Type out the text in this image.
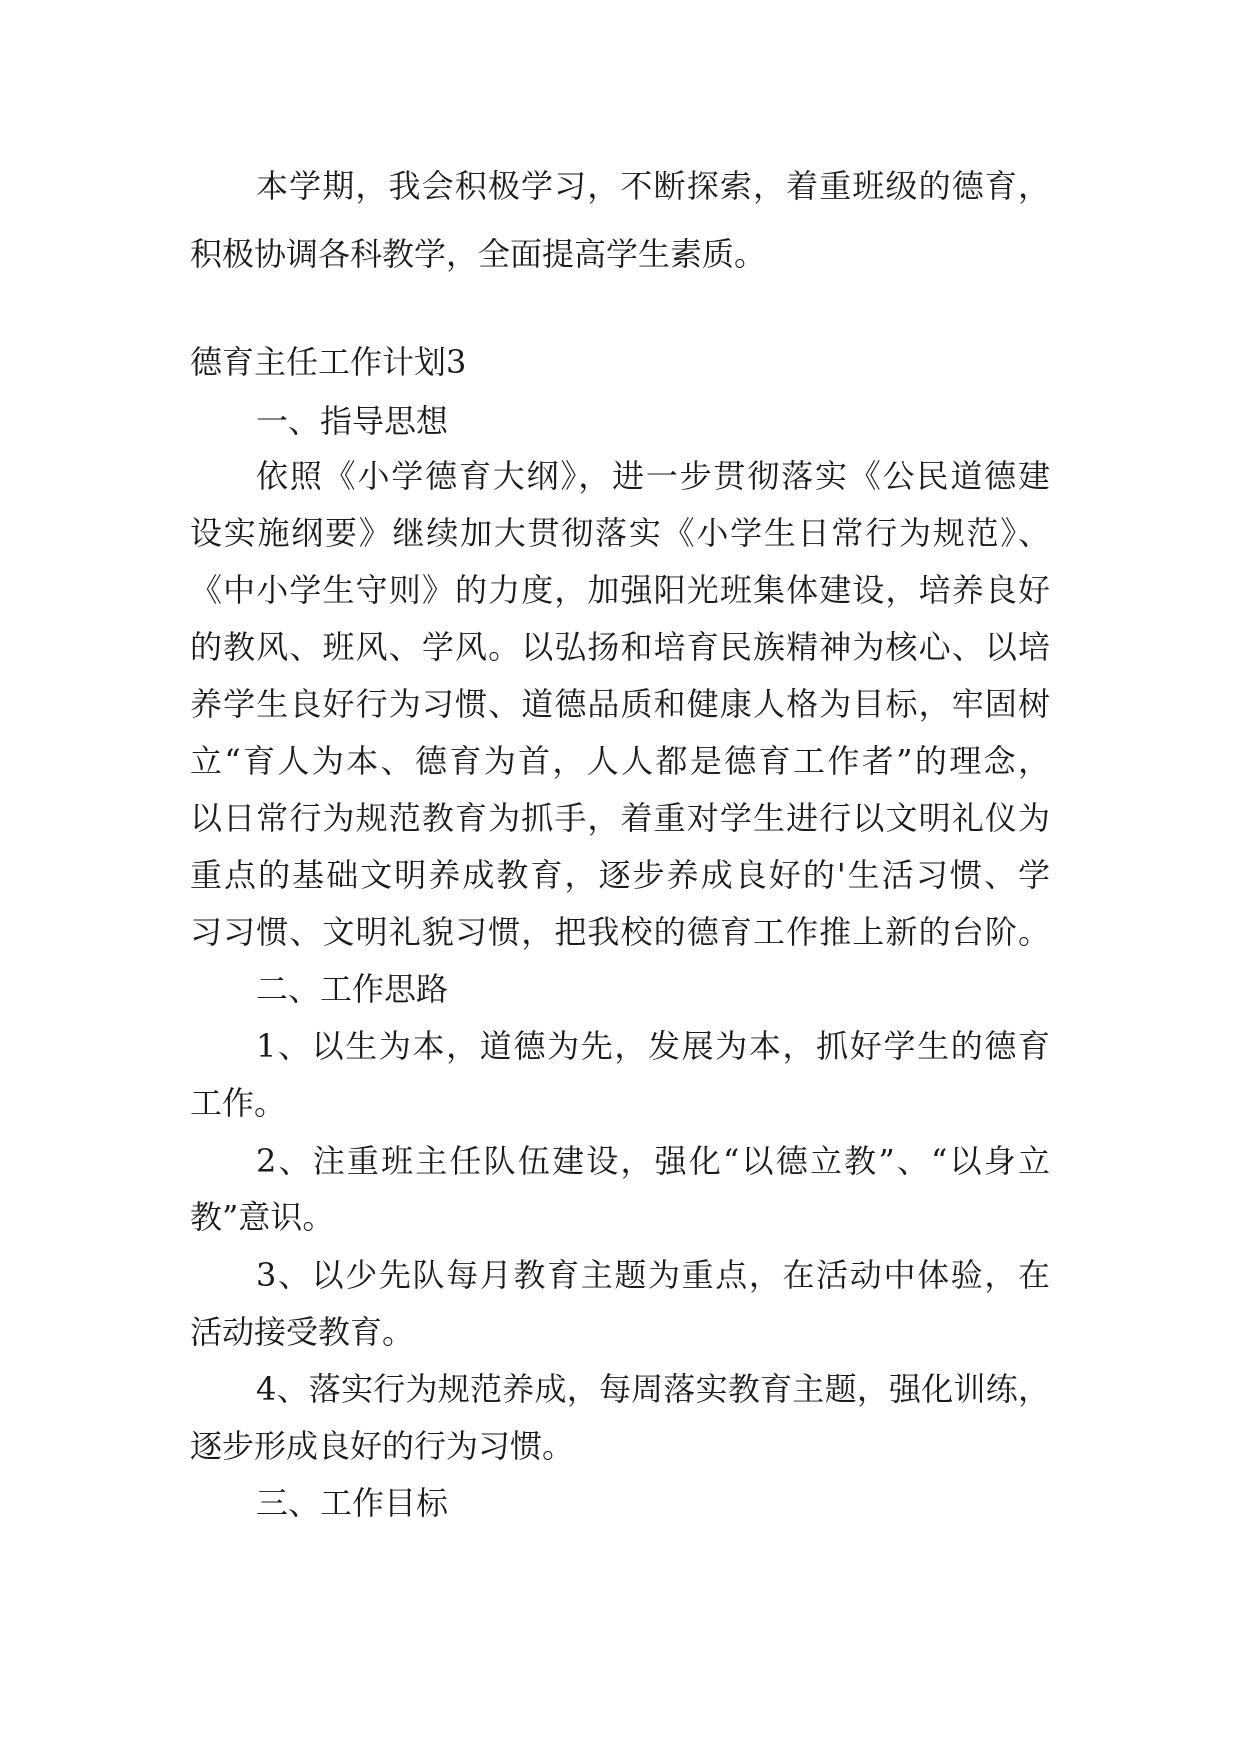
本学期，我会积极学习，不断探索，着重班级的德育，
积极协调各科教学，全面提高学生素质。
德育主任工作计划3
一、指导思想
依照《小学德育大纲》，进一步贯彻落实《公民道德建
设实施纲要》继续加大贯彻落实《小学生日常行为规范》、
《中小学生守则》的力度，加强阳光班集体建设，培养良好
的教风、班风、学风。以弘扬和培育民族精神为核心、以培
养学生良好行为习惯、道德品质和健康人格为目标，牢固树
立“育人为本、德育为首，人人都是德育工作者”的理念，
以日常行为规范教育为抓手，着重对学生进行以文明礼仪为
重点的基础文明养成教育，逐步养成良好的'生活习惯、学
习习惯、文明礼貌习惯，把我校的德育工作推上新的台阶。
二、工作思路
1、以生为本，道德为先，发展为本，抓好学生的德育
工作。
2、注重班主任队伍建设，强化“以德立教”、“以身立
教”意识。
3、以少先队每月教育主题为重点，在活动中体验，在
活动接受教育。
4、落实行为规范养成，每周落实教育主题，强化训练，
逐步形成良好的行为习惯。
三、工作目标
